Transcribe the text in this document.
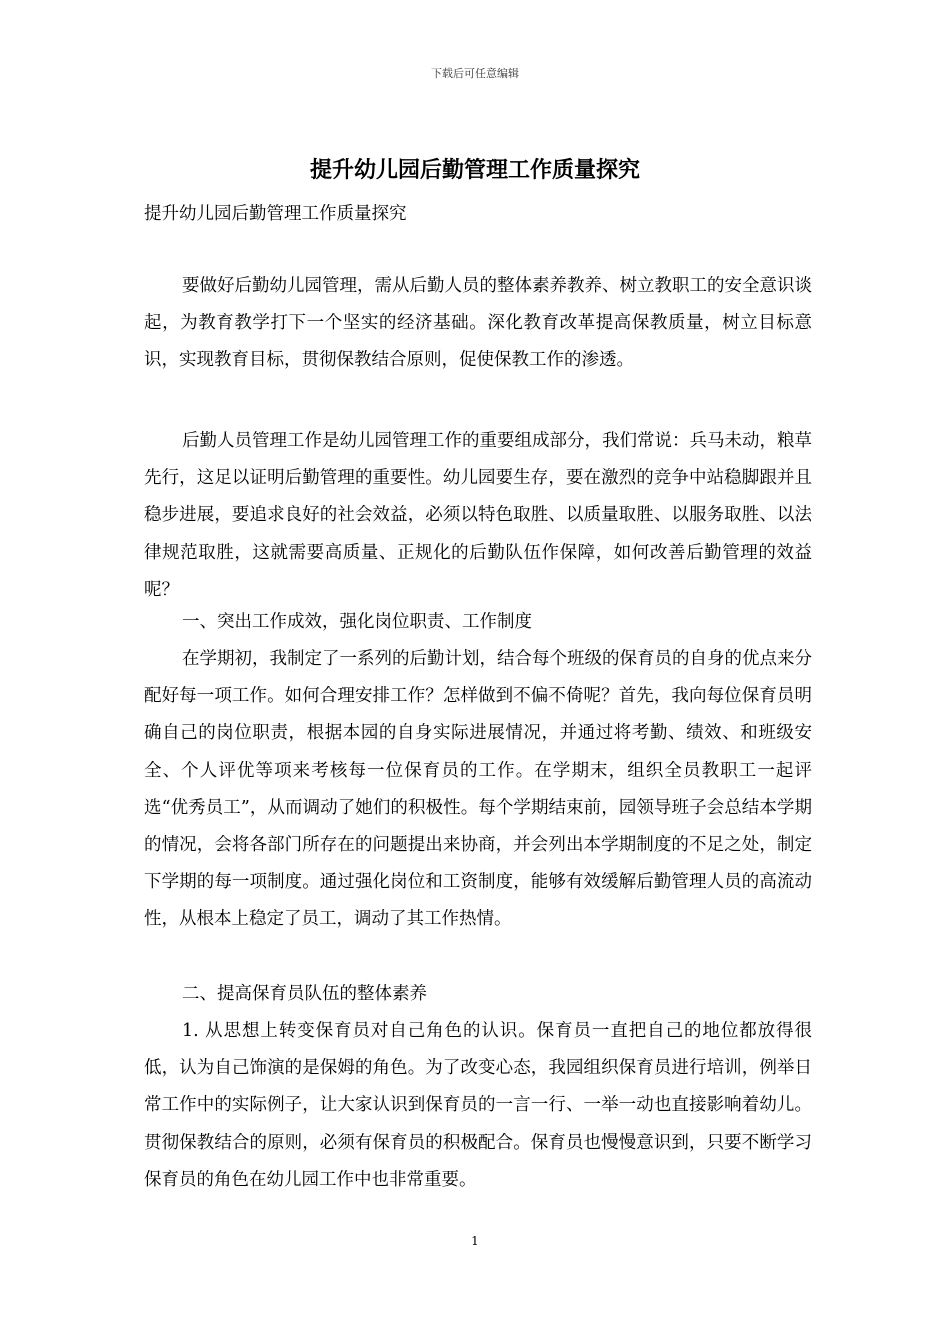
下载后可任意编辑
提升幼儿园后勤管理工作质量探究

提升幼儿园后勤管理工作质量探究

要做好后勤幼儿园管理，需从后勤人员的整体素养教养、树立教职工的安全意识谈起，为教育教学打下一个坚实的经济基础。深化教育改革提高保教质量，树立目标意识，实现教育目标，贯彻保教结合原则，促使保教工作的渗透。

后勤人员管理工作是幼儿园管理工作的重要组成部分，我们常说：兵马未动，粮草先行，这足以证明后勤管理的重要性。幼儿园要生存，要在激烈的竞争中站稳脚跟并且稳步进展，要追求良好的社会效益，必须以特色取胜、以质量取胜、以服务取胜、以法律规范取胜，这就需要高质量、正规化的后勤队伍作保障，如何改善后勤管理的效益呢？

一、突出工作成效，强化岗位职责、工作制度

在学期初，我制定了一系列的后勤计划，结合每个班级的保育员的自身的优点来分配好每一项工作。如何合理安排工作？怎样做到不偏不倚呢？首先，我向每位保育员明确自己的岗位职责，根据本园的自身实际进展情况，并通过将考勤、绩效、和班级安全、个人评优等项来考核每一位保育员的工作。在学期末，组织全员教职工一起评选“优秀员工”，从而调动了她们的积极性。每个学期结束前，园领导班子会总结本学期的情况，会将各部门所存在的问题提出来协商，并会列出本学期制度的不足之处，制定下学期的每一项制度。通过强化岗位和工资制度，能够有效缓解后勤管理人员的高流动性，从根本上稳定了员工，调动了其工作热情。

二、提高保育员队伍的整体素养

1. 从思想上转变保育员对自己角色的认识。保育员一直把自己的地位都放得很低，认为自己饰演的是保姆的角色。为了改变心态，我园组织保育员进行培训，例举日常工作中的实际例子，让大家认识到保育员的一言一行、一举一动也直接影响着幼儿。贯彻保教结合的原则，必须有保育员的积极配合。保育员也慢慢意识到，只要不断学习保育员的角色在幼儿园工作中也非常重要。

1
